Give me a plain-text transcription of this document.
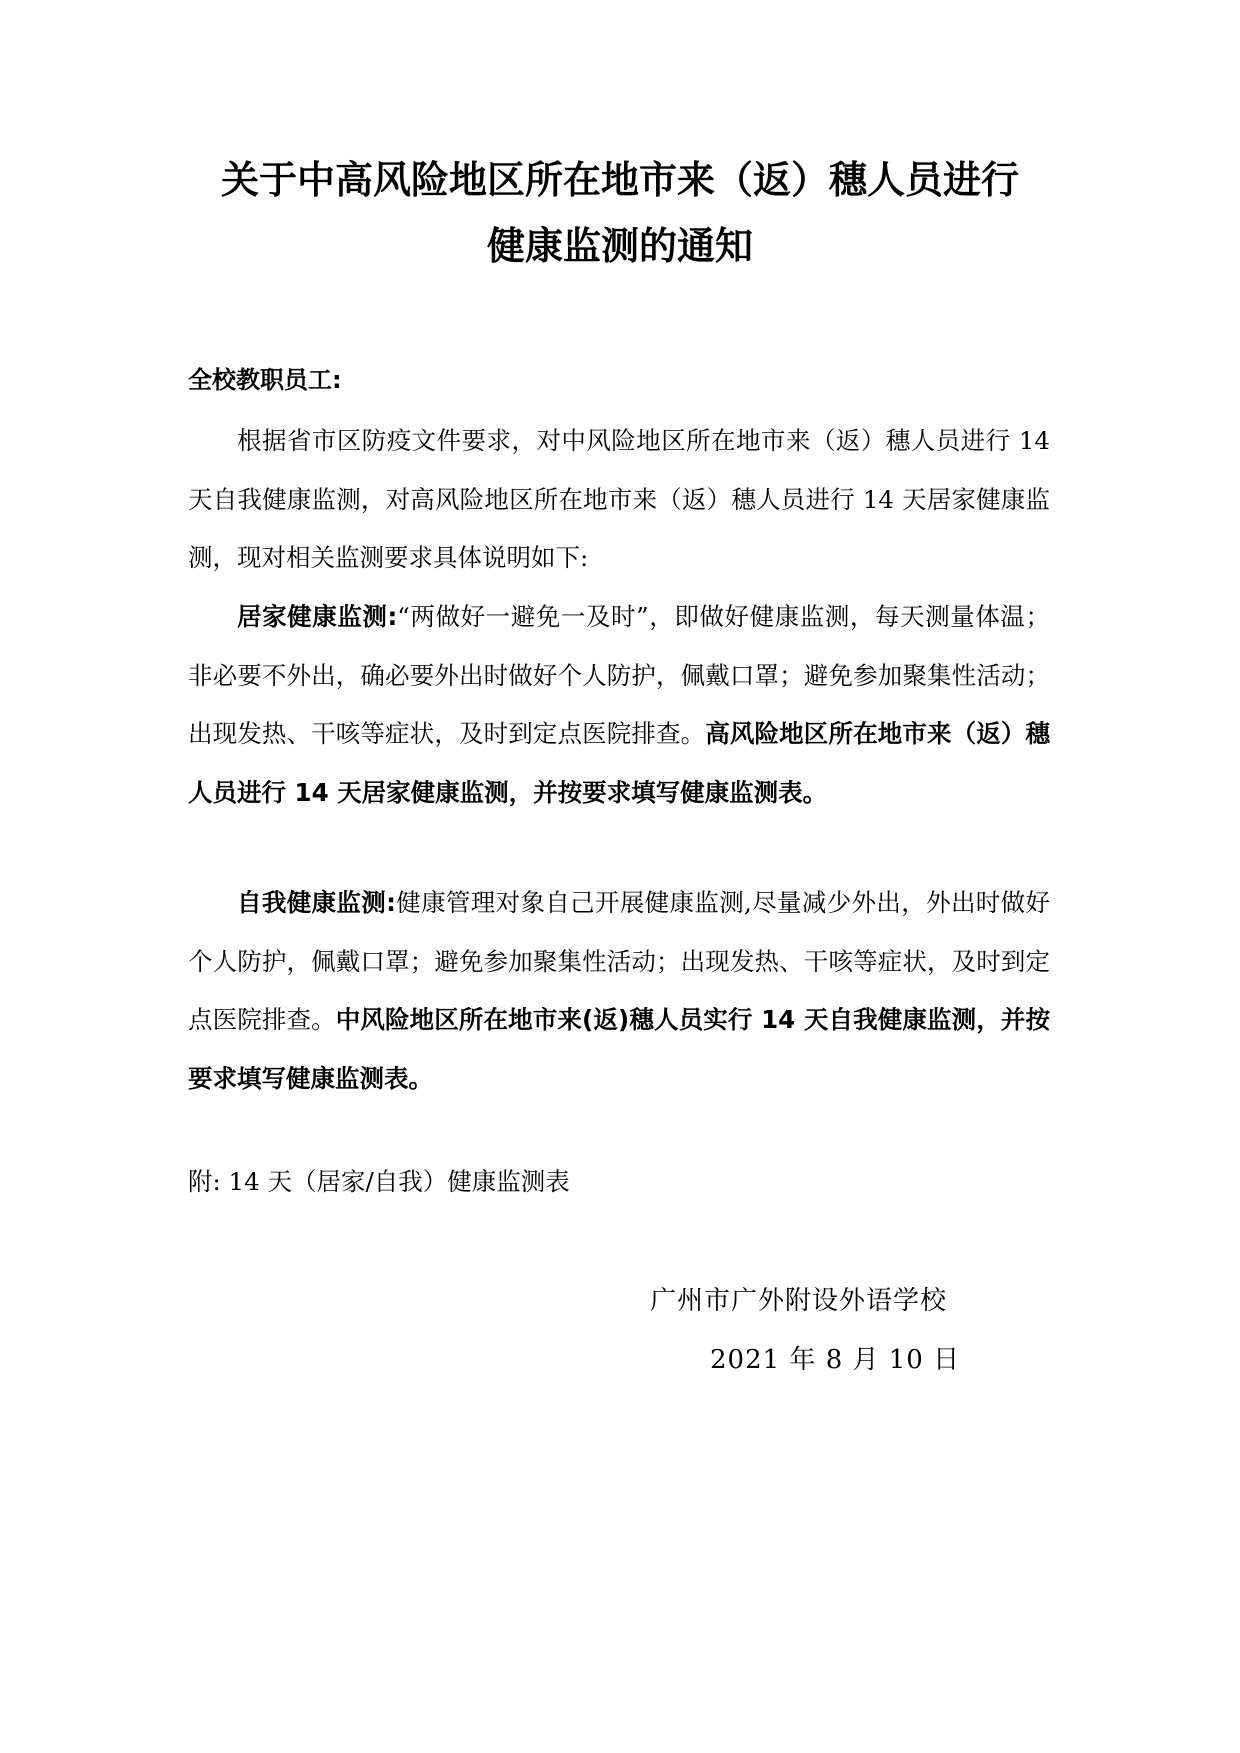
关于中高风险地区所在地市来（返）穗人员进行
健康监测的通知
全校教职员工:

根据省市区防疫文件要求，对中风险地区所在地市来（返）穗人员进行 14 天自我健康监测，对高风险地区所在地市来（返）穗人员进行 14 天居家健康监测，现对相关监测要求具体说明如下:

居家健康监测:“两做好一避免一及时”，即做好健康监测，每天测量体温；非必要不外出，确必要外出时做好个人防护，佩戴口罩；避免参加聚集性活动；出现发热、干咳等症状，及时到定点医院排查。高风险地区所在地市来（返）穗人员进行 14 天居家健康监测，并按要求填写健康监测表。

自我健康监测:健康管理对象自己开展健康监测,尽量减少外出，外出时做好个人防护，佩戴口罩；避免参加聚集性活动；出现发热、干咳等症状，及时到定点医院排查。中风险地区所在地市来(返)穗人员实行 14 天自我健康监测，并按要求填写健康监测表。

附: 14 天（居家/自我）健康监测表
广州市广外附设外语学校
2021 年 8 月 10 日
